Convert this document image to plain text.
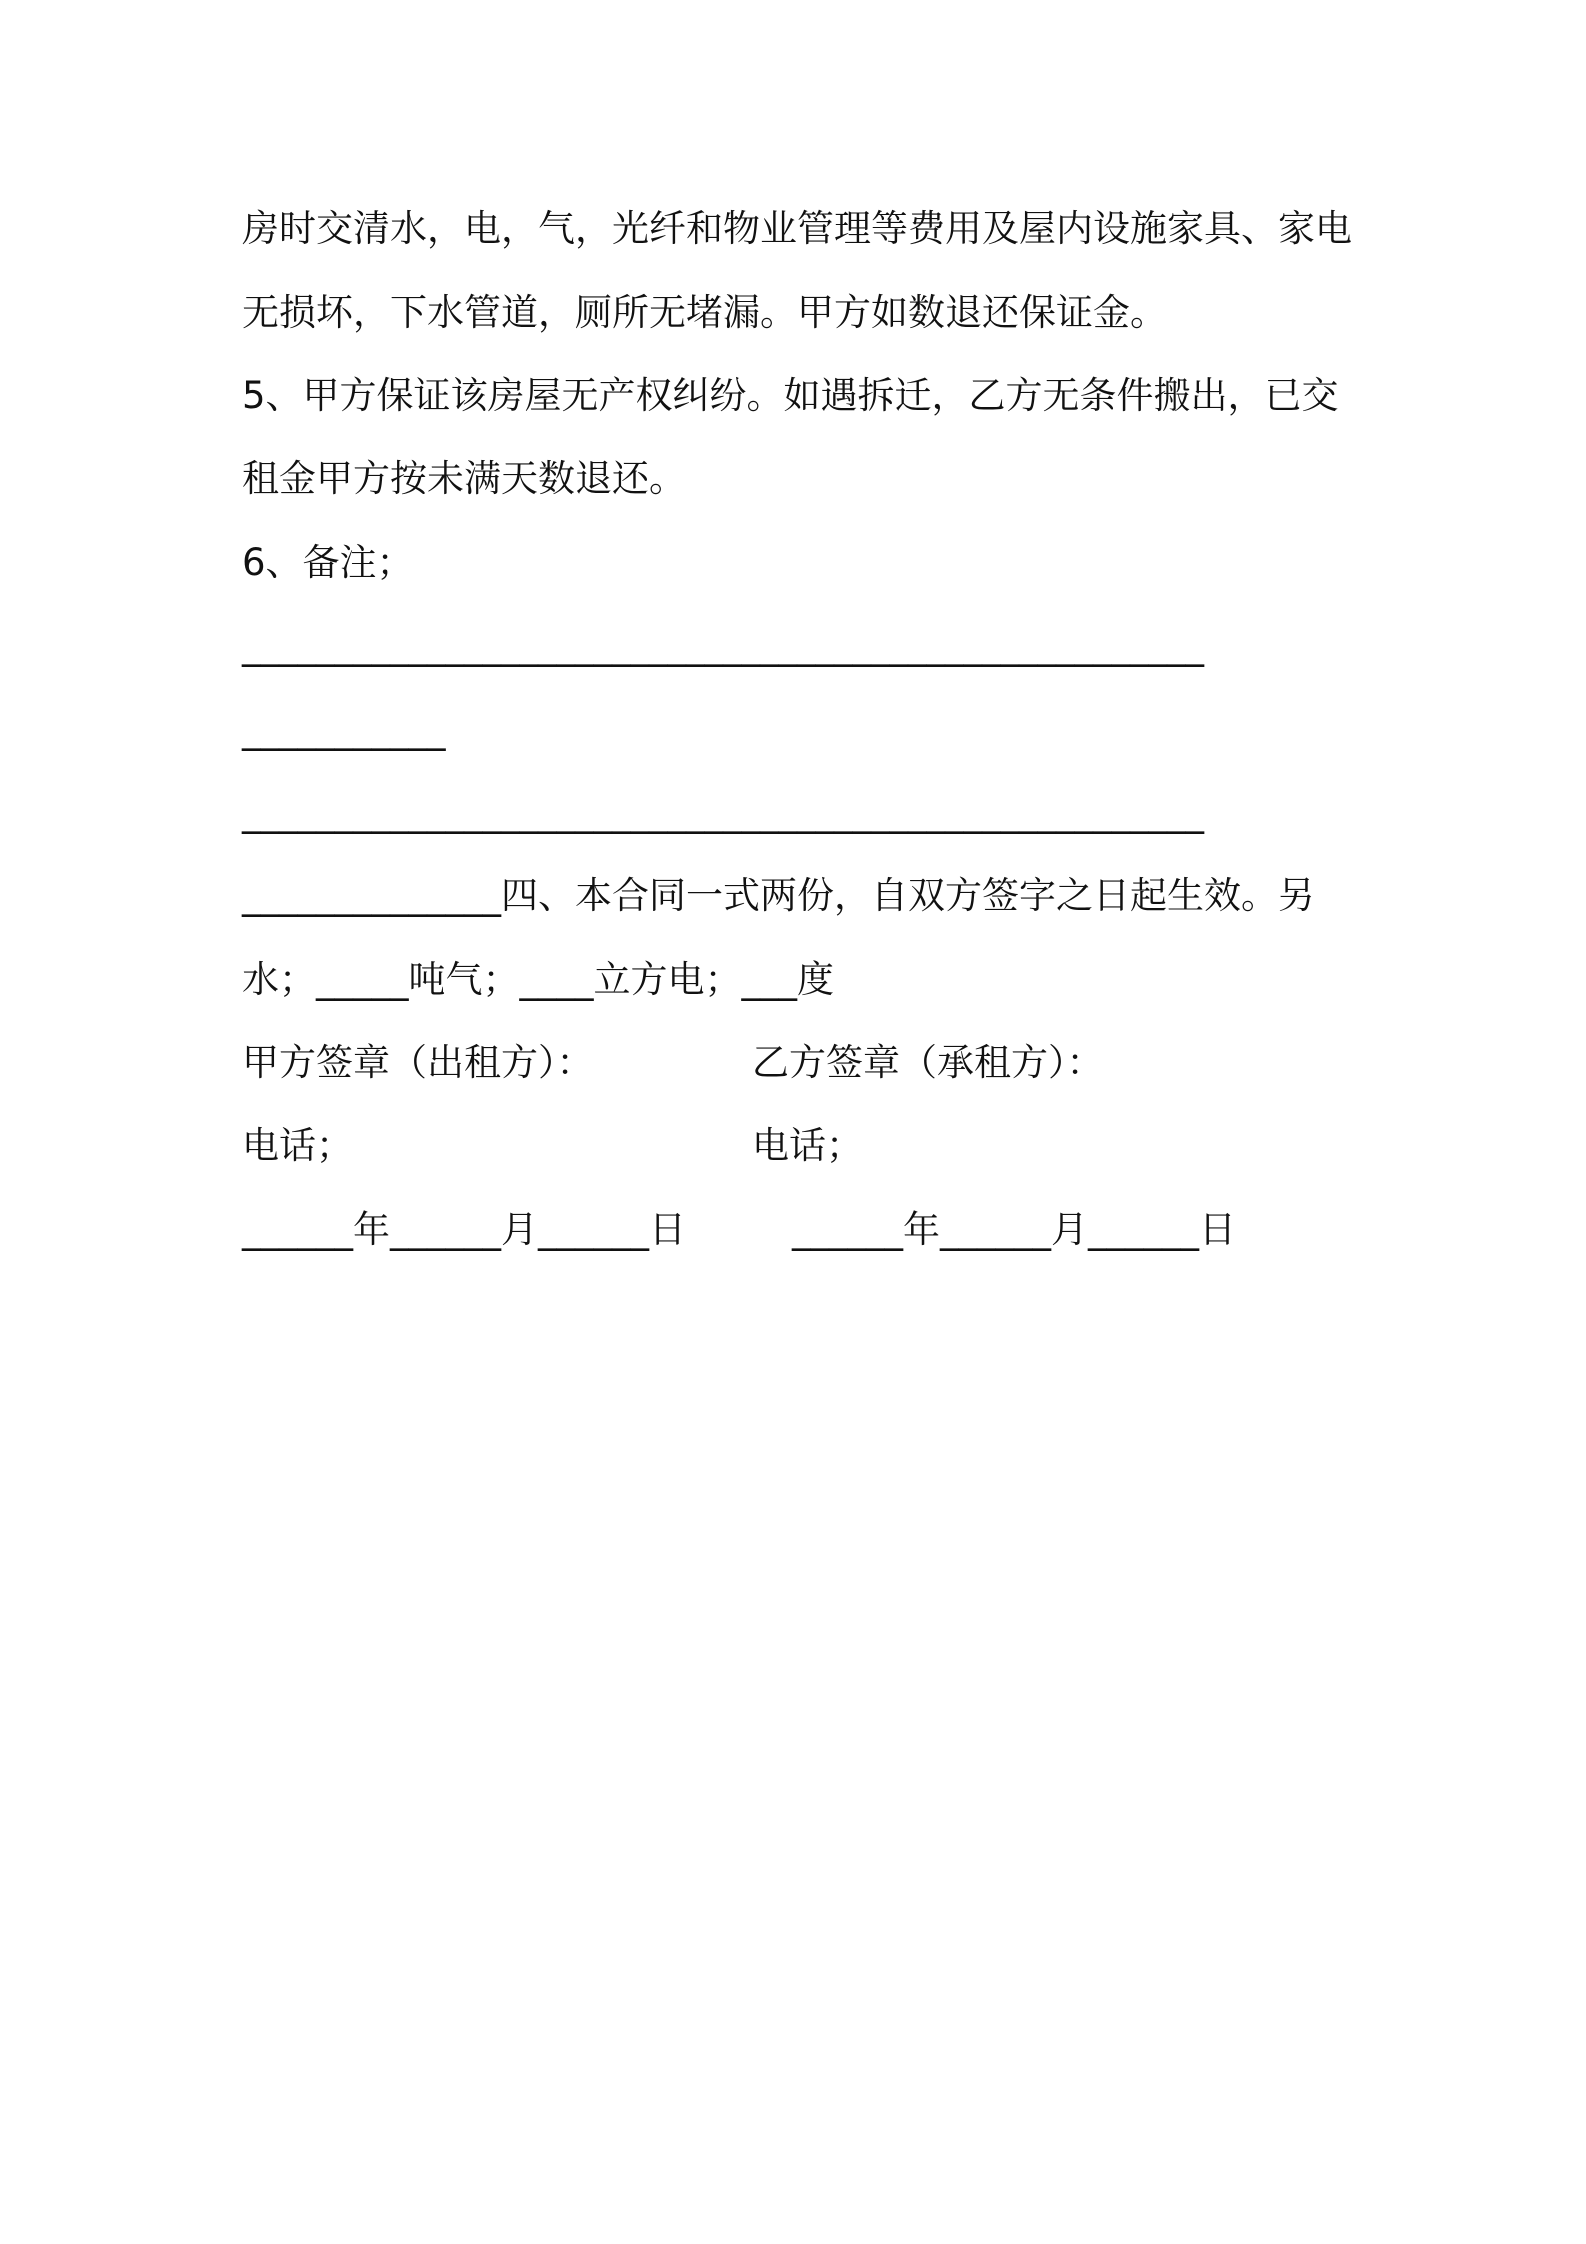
房时交清水，电，气，光纤和物业管理等费用及屋内设施家具、家电
无损坏，下水管道，厕所无堵漏。甲方如数退还保证金。
5、甲方保证该房屋无产权纠纷。如遇拆迁，乙方无条件搬出，已交
租金甲方按未满天数退还。
6、备注；
____________________________________________________
___________
____________________________________________________
______________四、本合同一式两份，自双方签字之日起生效。另
水；_____吨气；____立方电；___度
甲方签章（出租方）：	乙方签章（承租方）：
电话；	电话；
______年______月______日	______年______月______日
